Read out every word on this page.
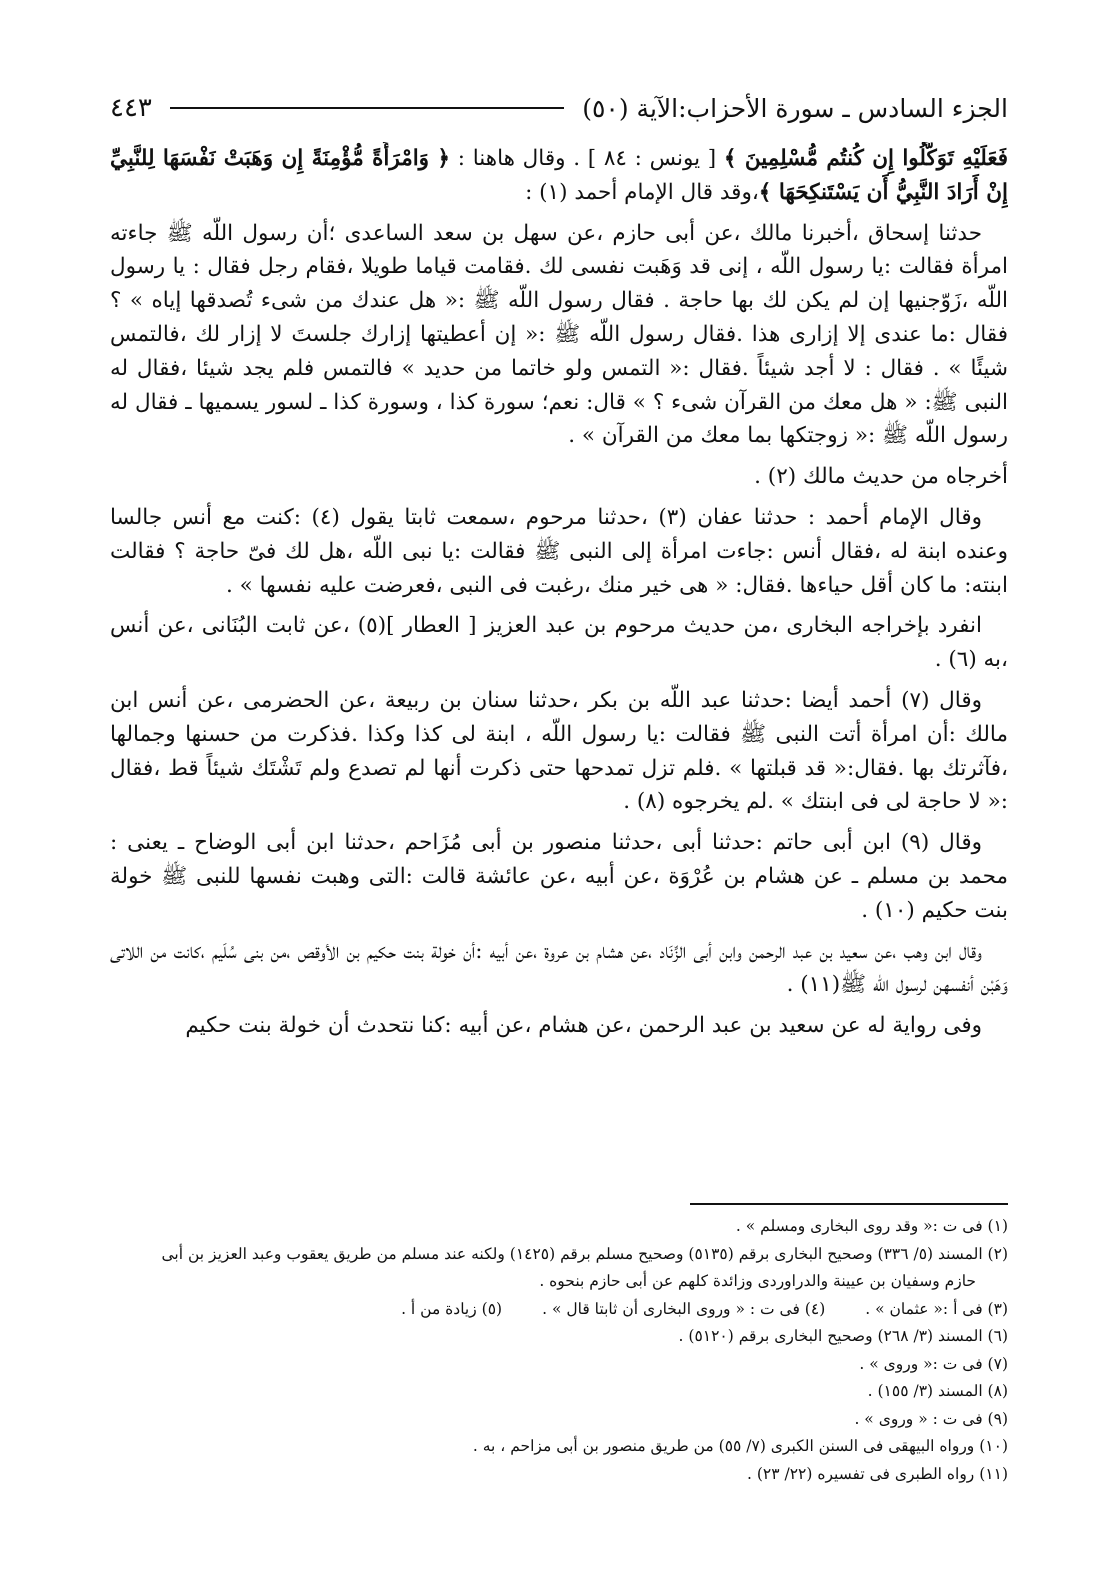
الجزء السادس ـ سورة الأحزاب:الآية (٥٠)
٤٤٣

فَعَلَيْهِ تَوَكَّلُوا إِن كُنتُم مُّسْلِمِينَ ﴾ [ يونس : ٨٤ ] . وقال هاهنا : ﴿ وَامْرَأَةً مُّؤْمِنَةً إِن وَهَبَتْ نَفْسَهَا لِلنَّبِيِّ إِنْ أَرَادَ النَّبِيُّ أَن يَسْتَنكِحَهَا ﴾،وقد قال الإمام أحمد (١) :

حدثنا إسحاق ،أخبرنا مالك ،عن أبى حازم ،عن سهل بن سعد الساعدى ؛أن رسول اللّه ﷺ جاءته امرأة فقالت :يا رسول اللّه ، إنى قد وَهَبت نفسى لك .فقامت قياما طويلا ،فقام رجل فقال : يا رسول اللّه ،زَوّجنيها إن لم يكن لك بها حاجة . فقال رسول اللّه ﷺ :« هل عندك من شىء تُصدقها إياه » ؟فقال :ما عندى إلا إزارى هذا .فقال رسول اللّه ﷺ :« إن أعطيتها إزارك جلستَ لا إزار لك ،فالتمس شيئًا » . فقال : لا أجد شيئاً .فقال :« التمس ولو خاتما من حديد » فالتمس فلم يجد شيئا ،فقال له النبى ﷺ: « هل معك من القرآن شىء ؟ » قال: نعم؛ سورة كذا ، وسورة كذا ـ لسور يسميها ـ فقال له رسول اللّه ﷺ :« زوجتكها بما معك من القرآن » .

أخرجاه من حديث مالك (٢) .

وقال الإمام أحمد : حدثنا عفان (٣) ،حدثنا مرحوم ،سمعت ثابتا يقول (٤) :كنت مع أنس جالسا وعنده ابنة له ،فقال أنس :جاءت امرأة إلى النبى ﷺ فقالت :يا نبى اللّه ،هل لك فىّ حاجة ؟ فقالت ابنته: ما كان أقل حياءها .فقال: « هى خير منك ،رغبت فى النبى ،فعرضت عليه نفسها » .

انفرد بإخراجه البخارى ،من حديث مرحوم بن عبد العزيز [ العطار ](٥) ،عن ثابت البُنَانى ،عن أنس ،به (٦) .

وقال (٧) أحمد أيضا :حدثنا عبد اللّه بن بكر ،حدثنا سنان بن ربيعة ،عن الحضرمى ،عن أنس ابن مالك :أن امرأة أتت النبى ﷺ فقالت :يا رسول اللّه ، ابنة لى كذا وكذا .فذكرت من حسنها وجمالها ،فآثرتك بها .فقال:« قد قبلتها » .فلم تزل تمدحها حتى ذكرت أنها لم تصدع ولم تَشْتَك شيئاً قط ،فقال :« لا حاجة لى فى ابنتك » .لم يخرجوه (٨) .

وقال (٩) ابن أبى حاتم :حدثنا أبى ،حدثنا منصور بن أبى مُزَاحم ،حدثنا ابن أبى الوضاح ـ يعنى : محمد بن مسلم ـ عن هشام بن عُرْوَة ،عن أبيه ،عن عائشة قالت :التى وهبت نفسها للنبى ﷺ خولة بنت حكيم (١٠) .

وقال ابن وهب ،عن سعيد بن عبد الرحمن وابن أبى الزِّنَاد ،عن هشام بن عروة ،عن أبيه :أن خولة بنت حكيم بن الأوقص ،من بنى سُلَيم ،كانت من اللاتى وَهَبْن أنفسهن لرسول اللّه ﷺ(١١) .

وفى رواية له عن سعيد بن عبد الرحمن ،عن هشام ،عن أبيه :كنا نتحدث أن خولة بنت حكيم

(١) فى ت :« وقد روى البخارى ومسلم » .

(٢) المسند (٥/ ٣٣٦) وصحيح البخارى برقم (٥١٣٥) وصحيح مسلم برقم (١٤٢٥) ولكنه عند مسلم من طريق يعقوب وعبد العزيز بن أبى
حازم وسفيان بن عيينة والدراوردى وزائدة كلهم عن أبى حازم بنحوه .

(٣) فى أ :« عثمان » .
(٤) فى ت : « وروى البخارى أن ثابتا قال » .
(٥) زيادة من أ .

(٦) المسند (٣/ ٢٦٨) وصحيح البخارى برقم (٥١٢٠) .

(٧) فى ت :« وروى » .

(٨) المسند (٣/ ١٥٥) .

(٩) فى ت : « وروى » .

(١٠) ورواه البيهقى فى السنن الكبرى (٧/ ٥٥) من طريق منصور بن أبى مزاحم ، به .

(١١) رواه الطبرى فى تفسيره (٢٢/ ٢٣) .
